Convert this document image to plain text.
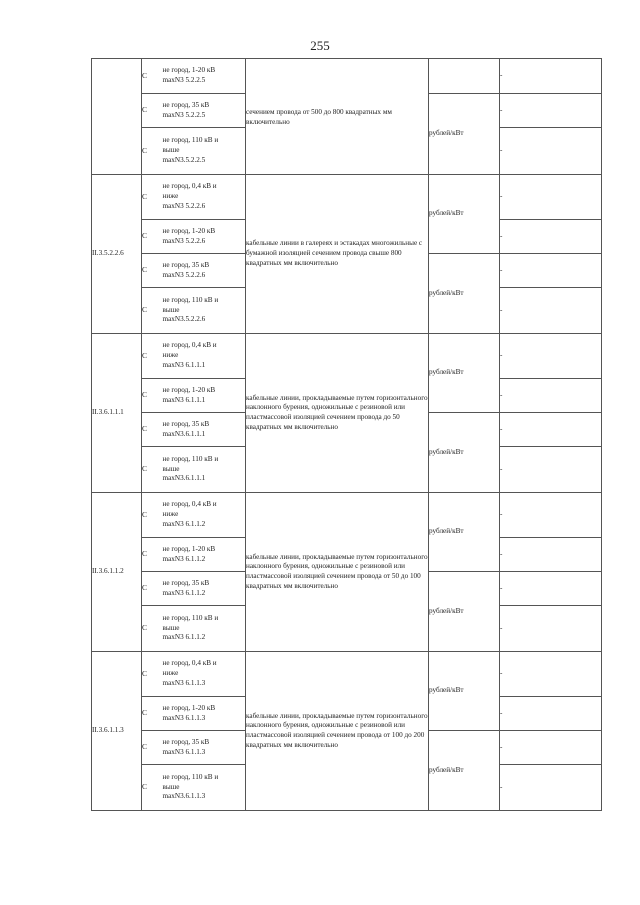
255
	С	не город, 1-20 кВ
maxN3 5.2.2.5	сечением провода от 500 до 800 квадратных мм включительно		-
	С	не город, 35 кВ
maxN3 5.2.2.5		рублей/кВт	-
	С	не город, 110 кВ и
выше
maxN3.5.2.2.5			-
II.3.5.2.2.6	С	не город, 0,4 кВ и
ниже
maxN3 5.2.2.6	кабельные линии в галереях и эстакадах многожильные с бумажной изоляцией сечением провода свыше 800 квадратных мм включительно	рублей/кВт	-
	С	не город, 1-20 кВ
maxN3 5.2.2.6			-
	С	не город, 35 кВ
maxN3 5.2.2.6		рублей/кВт	-
	С	не город, 110 кВ и
выше
maxN3.5.2.2.6			-
II.3.6.1.1.1	С	не город, 0,4 кВ и
ниже
maxN3 6.1.1.1	кабельные линии, прокладываемые путем горизонтального наклонного бурения, одножильные с резиновой или пластмассовой изоляцией сечением провода до 50 квадратных мм включительно	рублей/кВт	-
	С	не город, 1-20 кВ
maxN3 6.1.1.1			-
	С	не город, 35 кВ
maxN3.6.1.1.1		рублей/кВт	-
	С	не город, 110 кВ и
выше
maxN3.6.1.1.1			-
II.3.6.1.1.2	С	не город, 0,4 кВ и
ниже
maxN3 6.1.1.2	кабельные линии, прокладываемые путем горизонтального наклонного бурения, одножильные с резиновой или пластмассовой изоляцией сечением провода от 50 до 100 квадратных мм включительно	рублей/кВт	-
	С	не город, 1-20 кВ
maxN3 6.1.1.2			-
	С	не город, 35 кВ
maxN3 6.1.1.2		рублей/кВт	-
	С	не город, 110 кВ и
выше
maxN3 6.1.1.2			-
II.3.6.1.1.3	С	не город, 0,4 кВ и
ниже
maxN3 6.1.1.3	кабельные линии, прокладываемые путем горизонтального наклонного бурения, одножильные с резиновой или пластмассовой изоляцией сечением провода от 100 до 200 квадратных мм включительно	рублей/кВт	-
	С	не город, 1-20 кВ
maxN3 6.1.1.3			-
	С	не город, 35 кВ
maxN3 6.1.1.3		рублей/кВт	-
	С	не город, 110 кВ и
выше
maxN3.6.1.1.3			-
